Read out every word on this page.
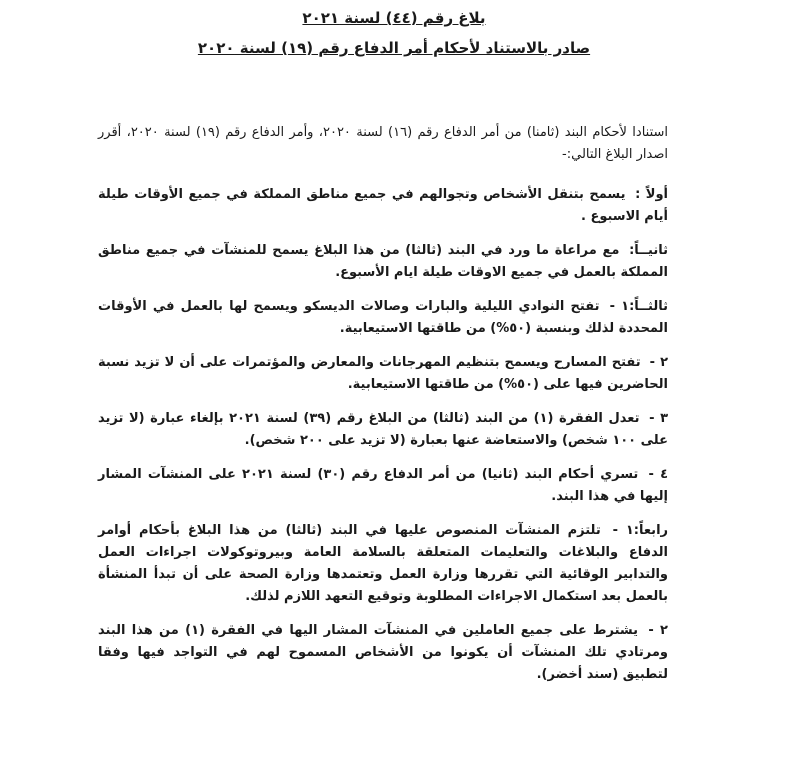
بلاغ رقم (٤٤) لسنة ٢٠٢١
صادر بالاستناد لأحكام أمر الدفاع رقم (١٩) لسنة ٢٠٢٠

استنادا لأحكام البند (ثامنا) من أمر الدفاع رقم (١٦) لسنة ٢٠٢٠، وأمر الدفاع رقم (١٩) لسنة ٢٠٢٠، أقرر اصدار البلاغ التالي:-

أولاً : يسمح بتنقل الأشخاص وتجوالهم في جميع مناطق المملكة في جميع الأوقات طيلة أيام الاسبوع .

ثانيــاً: مع مراعاة ما ورد في البند (ثالثا) من هذا البلاغ يسمح للمنشآت في جميع مناطق المملكة بالعمل في جميع الاوقات طيلة ايام الأسبوع.

ثالثــاً:١ - تفتح النوادي الليلية والبارات وصالات الديسكو ويسمح لها بالعمل في الأوقات المحددة لذلك وبنسبة (٥٠%) من طاقتها الاستيعابية.

٢ - تفتح المسارح ويسمح بتنظيم المهرجانات والمعارض والمؤتمرات على أن لا تزيد نسبة الحاضرين فيها على (٥٠%) من طاقتها الاستيعابية.

٣ - تعدل الفقرة (١) من البند (ثالثا) من البلاغ رقم (٣٩) لسنة ٢٠٢١ بإلغاء عبارة (لا تزيد على ١٠٠ شخص) والاستعاضة عنها بعبارة (لا تزيد على ٢٠٠ شخص).

٤ - تسري أحكام البند (ثانيا) من أمر الدفاع رقم (٣٠) لسنة ٢٠٢١ على المنشآت المشار إليها في هذا البند.

رابعاً:١ - تلتزم المنشآت المنصوص عليها في البند (ثالثا) من هذا البلاغ بأحكام أوامر الدفاع والبلاغات والتعليمات المتعلقة بالسلامة العامة وبيروتوكولات اجراءات العمل والتدابير الوقائية التي تقررها وزارة العمل وتعتمدها وزارة الصحة على أن تبدأ المنشأة بالعمل بعد استكمال الاجراءات المطلوبة وتوقيع التعهد اللازم لذلك.

٢ - يشترط على جميع العاملين في المنشآت المشار اليها في الفقرة (١) من هذا البند ومرتادي تلك المنشآت أن يكونوا من الأشخاص المسموح لهم في التواجد فيها وفقا لتطبيق (سند أخضر).
